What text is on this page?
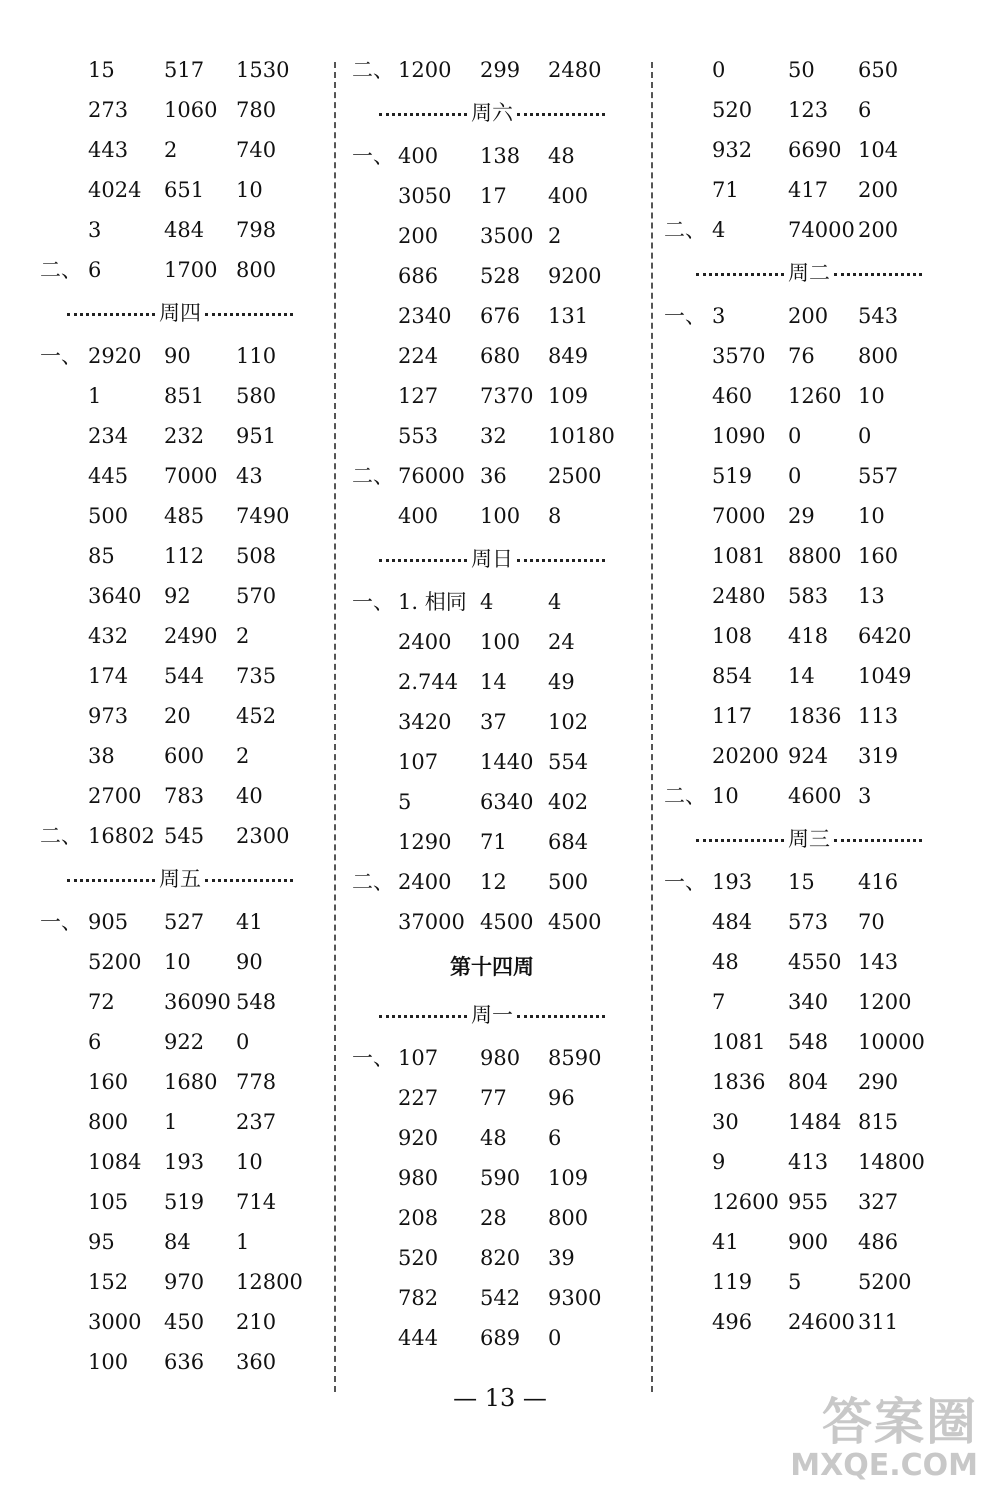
15 517 1530
273 1060 780
443 2	740
4024 651 10
3	484 798
二、 6	1700 800
周四
一、 2920 90 110
1	851 580
234 232 951
445 7000 43
500 485 7490
85 112 508
3640 92 570
432 2490 2
174 544 735
973 20 452
38 600 2
2700 783 40
二、 16802 545 2300
周五
一、 905 527 41
5200 10 90
72 36090 548
6	922 0
160 1680 778
800 1	237
1084 193 10
105 519 714
95 84 1
152 970 12800
3000 450 210
100 636 360
二、 1200 299 2480
周六
一、 400 138 48
3050 17 400
200 3500 2
686 528 9200
2340 676 131
224 680 849
127 7370 109
553 32 10180
二、 76000 36 2500
400 100 8
周日
一、 1. 相同 4	4
2400 100 24
2.744 14 49
3420 37 102
107 1440 554
5	6340 402
1290 71 684
二、 2400 12 500
37000 4500 4500
第十四周
周一
一、 107 980 8590
227 77 96
920 48 6
980 590 109
208 28 800
520 820 39
782 542 9300
444 689 0
0	50 650
520 123 6
932 6690 104
71 417 200
二、 4	74000 200
周二
一、 3	200 543
3570 76 800
460 1260 10
1090 0	0
519 0	557
7000 29 10
1081 8800 160
2480 583 13
108 418 6420
854 14 1049
117 1836 113
20200 924 319
二、 10 4600 3
周三
一、 193 15 416
484 573 70
48 4550 143
7	340 1200
1081 548 10000
1836 804 290
30 1484 815
9	413 14800
12600 955 327
41 900 486
119 5	5200
496 24600 311
— 13 —	答案圈
MXQE.COM
